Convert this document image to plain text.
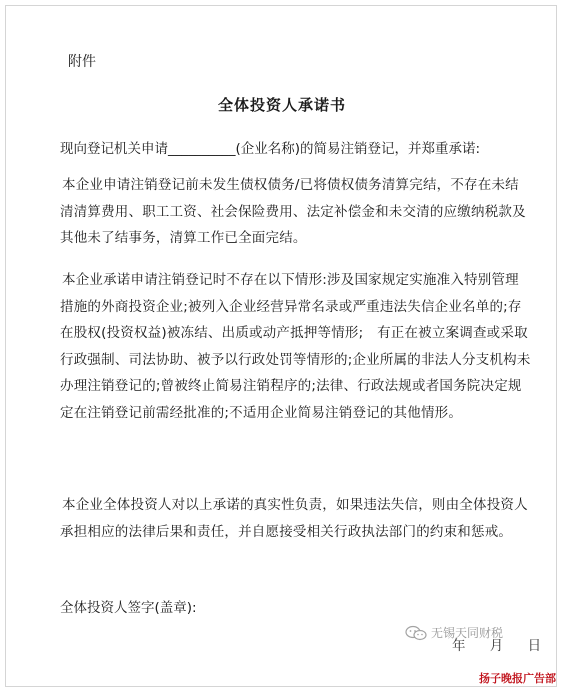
附件
全体投资人承诺书
现向登记机关申请__________(企业名称)的简易注销登记，并郑重承诺:
本企业申请注销登记前未发生债权债务/已将债权债务清算完结，不存在未结清清算费用、职工工资、社会保险费用、法定补偿金和未交清的应缴纳税款及其他未了结事务，清算工作已全面完结。
本企业承诺申请注销登记时不存在以下情形:涉及国家规定实施准入特别管理措施的外商投资企业;被列入企业经营异常名录或严重违法失信企业名单的;存在股权(投资权益)被冻结、出质或动产抵押等情形;　有正在被立案调查或采取行政强制、司法协助、被予以行政处罚等情形的;企业所属的非法人分支机构未办理注销登记的;曾被终止简易注销程序的;法律、行政法规或者国务院决定规定在注销登记前需经批准的;不适用企业简易注销登记的其他情形。
本企业全体投资人对以上承诺的真实性负责，如果违法失信，则由全体投资人承担相应的法律后果和责任，并自愿接受相关行政执法部门的约束和惩戒。
全体投资人签字(盖章):
无锡天同财税
年 月 日
扬子晚报广告部
